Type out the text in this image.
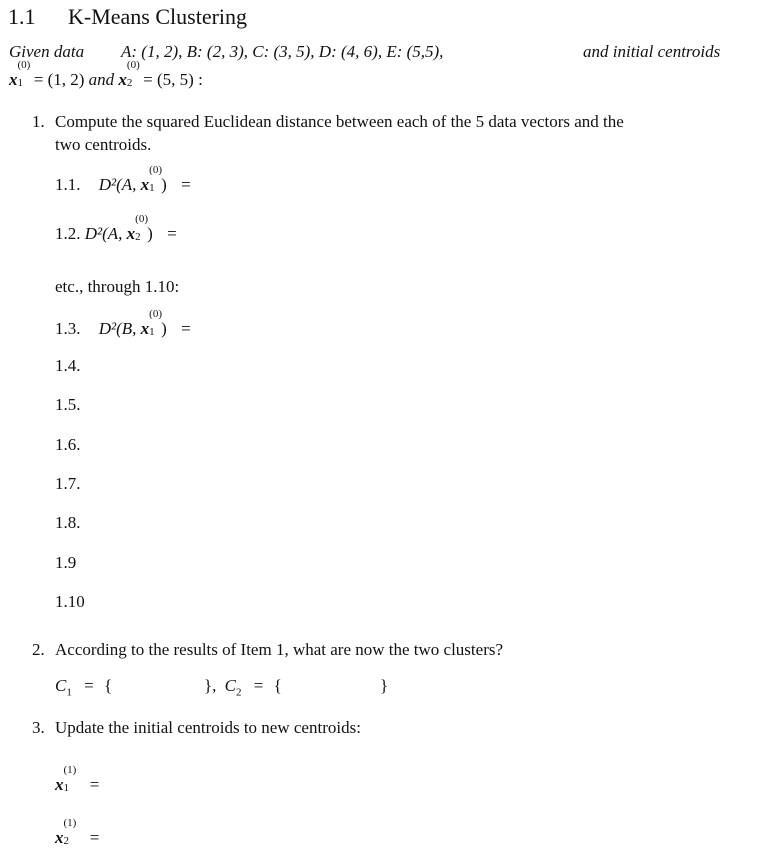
1.1 K-Means Clustering
Given data A: (1, 2), B: (2, 3), C: (3, 5), D: (4, 6), E: (5,5),	and initial centroids
x
(0)
1 = (1, 2) and x
(0)
2 = (5, 5) :
1. Compute the squared Euclidean distance between each of the 5 data vectors and the
two centroids.
1.1. D²(A, x
(0)
1 ) =
1.2. D²(A, x
(0)
2 ) =
etc., through 1.10:
1.3. D²(B, x
(0)
1 ) =
1.4.
1.5.
1.6.
1.7.
1.8.
1.9
1.10
2. According to the results of Item 1, what are now the two clusters?
$C_1$ = {	}, $C_2$ = {	}
3. Update the initial centroids to new centroids:
x
(1)
1 =
x
(1)
2 =
